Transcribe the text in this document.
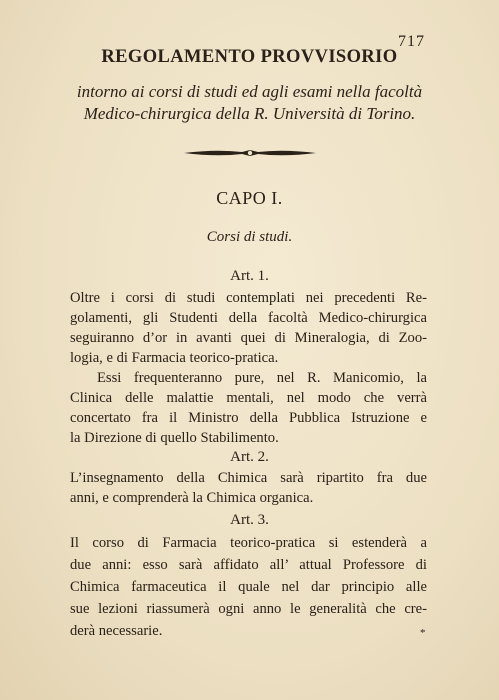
717
REGOLAMENTO PROVVISORIO
intorno ai corsi di studi ed agli esami nella facoltà
Medico-chirurgica della R. Università di Torino.
CAPO I.
Corsi di studi.
Art. 1.
Oltre i corsi di studi contemplati nei precedenti Re-
golamenti, gli Studenti della facoltà Medico-chirurgica
seguiranno d’or in avanti quei di Mineralogia, di Zoo-
logia, e di Farmacia teorico-pratica.
Essi frequenteranno pure, nel R. Manicomio, la
Clinica delle malattie mentali, nel modo che verrà
concertato fra il Ministro della Pubblica Istruzione e
la Direzione di quello Stabilimento.
Art. 2.
L’insegnamento della Chimica sarà ripartito fra due
anni, e comprenderà la Chimica organica.
Art. 3.
Il corso di Farmacia teorico-pratica si estenderà a
due anni: esso sarà affidato all’ attual Professore di
Chimica farmaceutica il quale nel dar principio alle
sue lezioni riassumerà ogni anno le generalità che cre-
derà necessarie.	*
